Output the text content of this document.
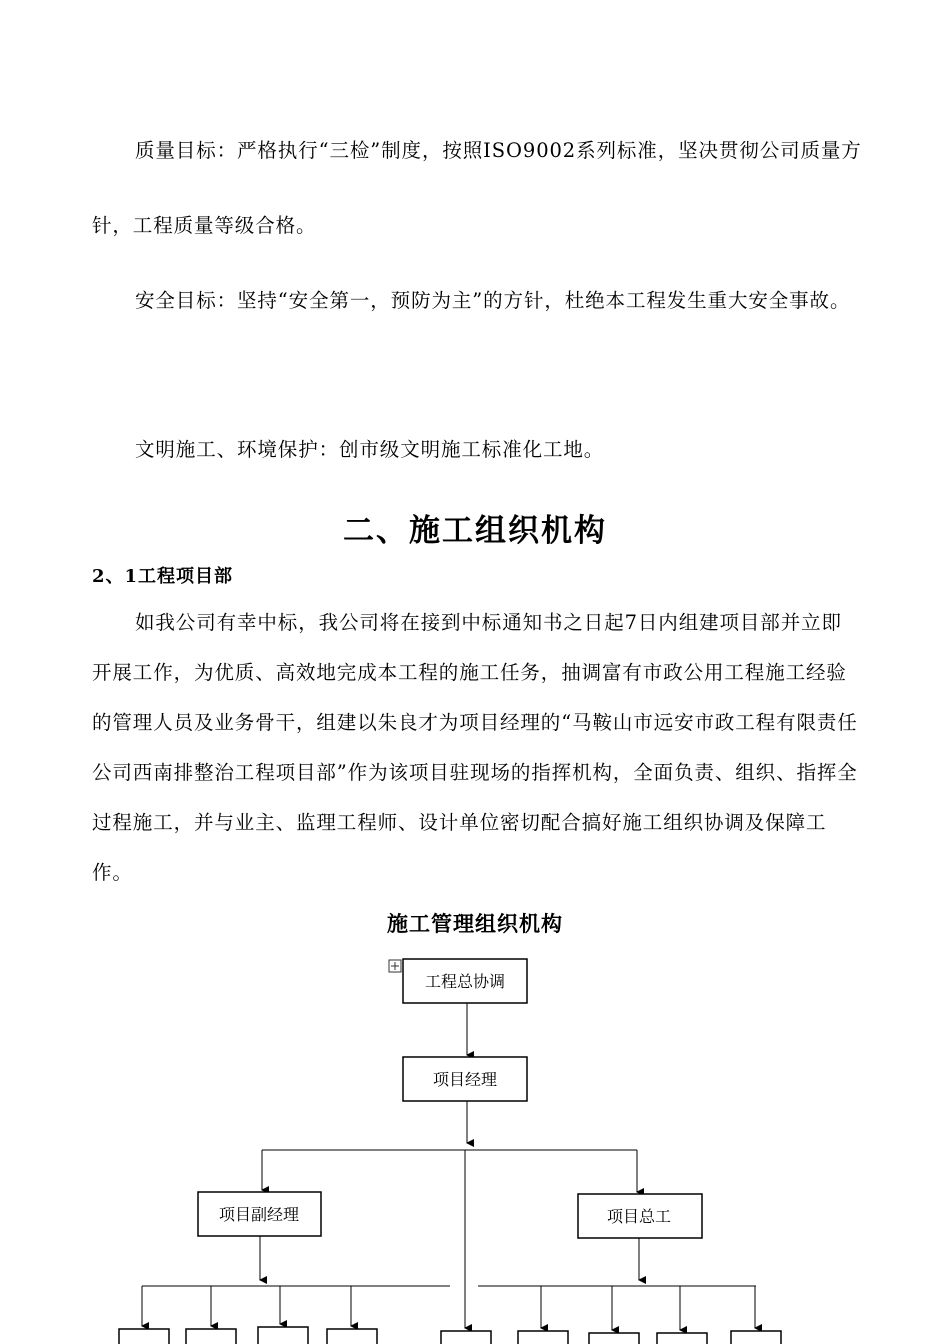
质量目标：严格执行“三检”制度，按照ISO9002系列标准，坚决贯彻公司质量方针，工程质量等级合格。

安全目标：坚持“安全第一，预防为主”的方针，杜绝本工程发生重大安全事故。

文明施工、环境保护：创市级文明施工标准化工地。

二、施工组织机构
2、1工程项目部

如我公司有幸中标，我公司将在接到中标通知书之日起7日内组建项目部并立即开展工作，为优质、高效地完成本工程的施工任务，抽调富有市政公用工程施工经验的管理人员及业务骨干，组建以朱良才为项目经理的“马鞍山市远安市政工程有限责任公司西南排整治工程项目部”作为该项目驻现场的指挥机构，全面负责、组织、指挥全过程施工，并与业主、监理工程师、设计单位密切配合搞好施工组织协调及保障工作。

施工管理组织机构
工程总协调
项目经理
项目副经理	项目总工
